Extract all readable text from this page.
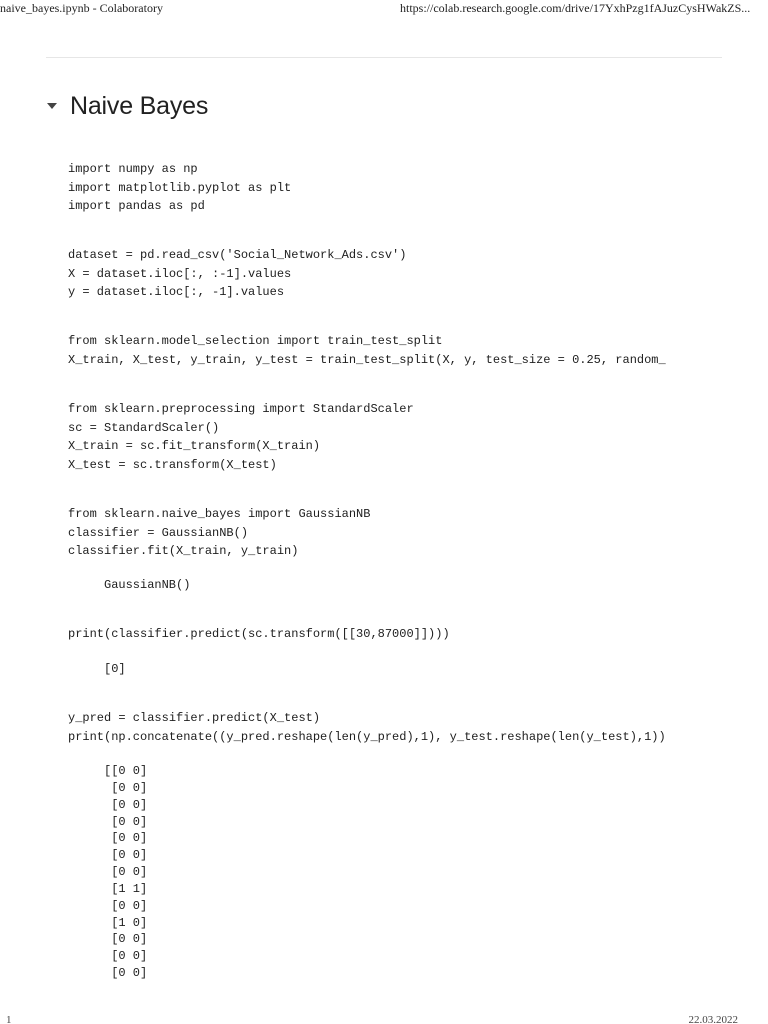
naive_bayes.ipynb - Colaboratory	https://colab.research.google.com/drive/17YxhPzg1fAJuzCysHWakZS...
Naive Bayes
import numpy as np
import matplotlib.pyplot as plt
import pandas as pd
dataset = pd.read_csv('Social_Network_Ads.csv')
X = dataset.iloc[:, :-1].values
y = dataset.iloc[:, -1].values
from sklearn.model_selection import train_test_split
X_train, X_test, y_train, y_test = train_test_split(X, y, test_size = 0.25, random_
from sklearn.preprocessing import StandardScaler
sc = StandardScaler()
X_train = sc.fit_transform(X_train)
X_test = sc.transform(X_test)
from sklearn.naive_bayes import GaussianNB
classifier = GaussianNB()
classifier.fit(X_train, y_train)
GaussianNB()
print(classifier.predict(sc.transform([[30,87000]])))
[0]
y_pred = classifier.predict(X_test)
print(np.concatenate((y_pred.reshape(len(y_pred),1), y_test.reshape(len(y_test),1))
[[0 0]
[0 0]
[0 0]
[0 0]
[0 0]
[0 0]
[0 0]
[1 1]
[0 0]
[1 0]
[0 0]
[0 0]
[0 0]
1	22.03.2022
